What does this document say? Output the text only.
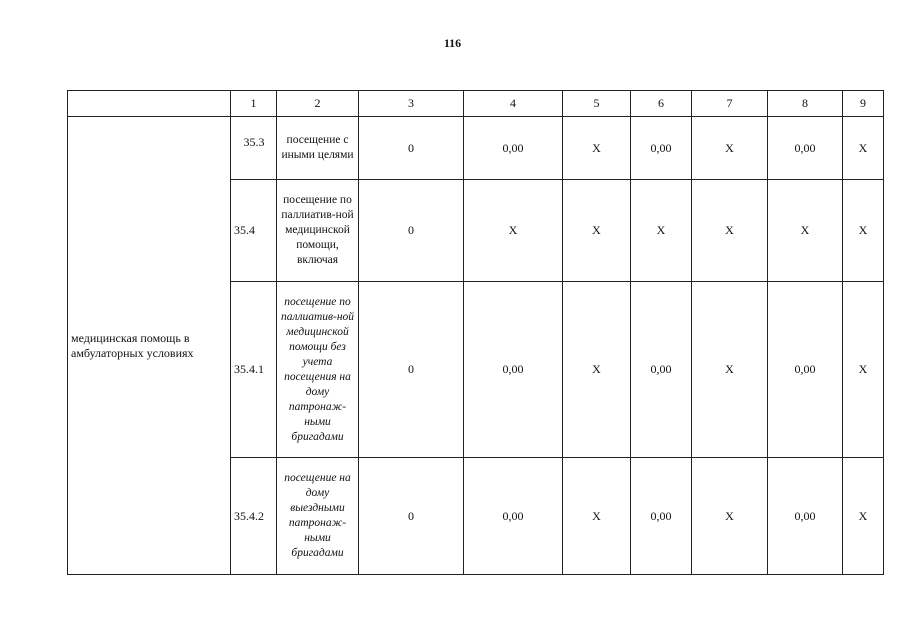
116
	1	2	3	4	5	6	7	8	9
медицинская помощь в амбулаторных условиях	35.3	посещение с иными целями	0	0,00	X	0,00	X	0,00	X
	35.4	посещение по паллиатив-ной медицинской помощи, включая	0	X	X	X	X	X	X
	35.4.1	посещение по паллиатив-ной медицинской помощи без учета посещения на дому патронаж-ными бригадами	0	0,00	X	0,00	X	0,00	X
	35.4.2	посещение на дому выездными патронаж-ными бригадами	0	0,00	X	0,00	X	0,00	X
